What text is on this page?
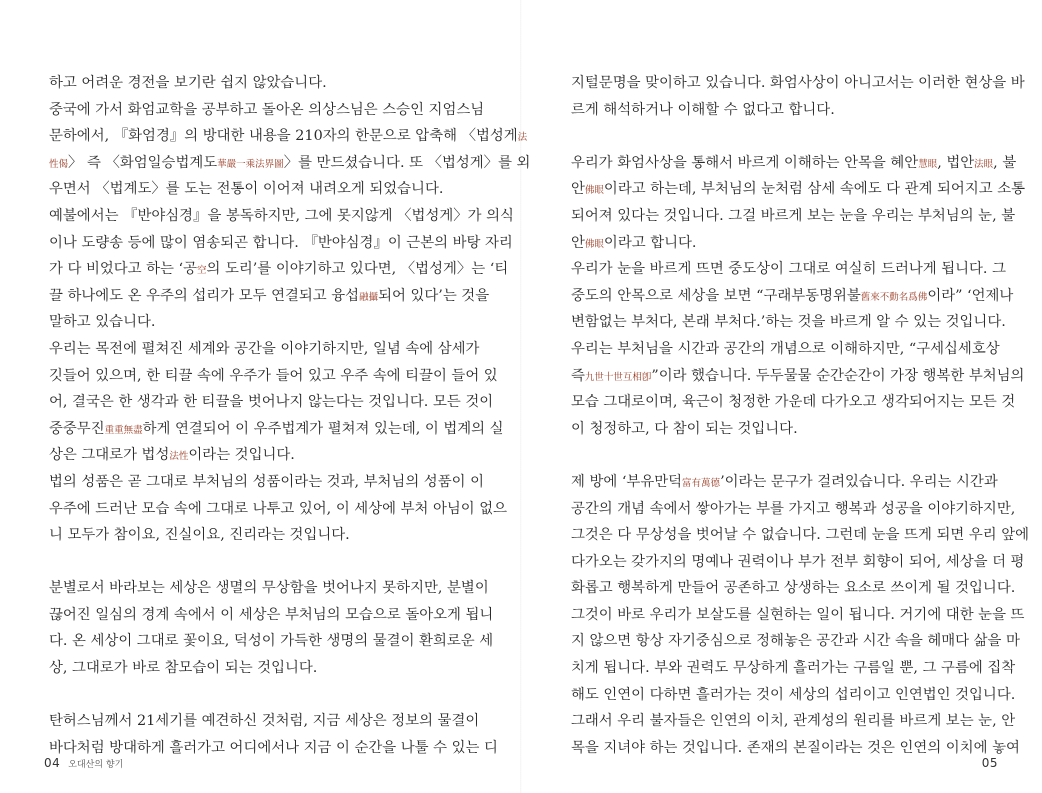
하고 어려운 경전을 보기란 쉽지 않았습니다.
중국에 가서 화엄교학을 공부하고 돌아온 의상스님은 스승인 지엄스님
문하에서, 『화엄경』의 방대한 내용을 210자의 한문으로 압축해 〈법성게法
性偈〉 즉 〈화엄일승법계도華嚴一乘法界圖〉를 만드셨습니다. 또 〈법성게〉를 외
우면서 〈법계도〉를 도는 전통이 이어져 내려오게 되었습니다.
예불에서는 『반야심경』을 봉독하지만, 그에 못지않게 〈법성게〉가 의식
이나 도량송 등에 많이 염송되곤 합니다. 『반야심경』이 근본의 바탕 자리
가 다 비었다고 하는 ‘공空의 도리’를 이야기하고 있다면, 〈법성게〉는 ‘티
끌 하나에도 온 우주의 섭리가 모두 연결되고 융섭融攝되어 있다’는 것을
말하고 있습니다.
우리는 목전에 펼쳐진 세계와 공간을 이야기하지만, 일념 속에 삼세가
깃들어 있으며, 한 티끌 속에 우주가 들어 있고 우주 속에 티끌이 들어 있
어, 결국은 한 생각과 한 티끌을 벗어나지 않는다는 것입니다. 모든 것이
중중무진重重無盡하게 연결되어 이 우주법계가 펼쳐져 있는데, 이 법계의 실
상은 그대로가 법성法性이라는 것입니다.
법의 성품은 곧 그대로 부처님의 성품이라는 것과, 부처님의 성품이 이
우주에 드러난 모습 속에 그대로 나투고 있어, 이 세상에 부처 아님이 없으
니 모두가 참이요, 진실이요, 진리라는 것입니다.
분별로서 바라보는 세상은 생멸의 무상함을 벗어나지 못하지만, 분별이
끊어진 일심의 경계 속에서 이 세상은 부처님의 모습으로 돌아오게 됩니
다. 온 세상이 그대로 꽃이요, 덕성이 가득한 생명의 물결이 환희로운 세
상, 그대로가 바로 참모습이 되는 것입니다.
탄허스님께서 21세기를 예견하신 것처럼, 지금 세상은 정보의 물결이
바다처럼 방대하게 흘러가고 어디에서나 지금 이 순간을 나툴 수 있는 디
04 오대산의 향기
지털문명을 맞이하고 있습니다. 화엄사상이 아니고서는 이러한 현상을 바
르게 해석하거나 이해할 수 없다고 합니다.
우리가 화엄사상을 통해서 바르게 이해하는 안목을 혜안慧眼, 법안法眼, 불
안佛眼이라고 하는데, 부처님의 눈처럼 삼세 속에도 다 관계 되어지고 소통
되어져 있다는 것입니다. 그걸 바르게 보는 눈을 우리는 부처님의 눈, 불
안佛眼이라고 합니다.
우리가 눈을 바르게 뜨면 중도상이 그대로 여실히 드러나게 됩니다. 그
중도의 안목으로 세상을 보면 “구래부동명위불舊來不動名爲佛이라” ‘언제나
변함없는 부처다, 본래 부처다.’하는 것을 바르게 알 수 있는 것입니다.
우리는 부처님을 시간과 공간의 개념으로 이해하지만, “구세십세호상
즉九世十世互相卽”이라 했습니다. 두두물물 순간순간이 가장 행복한 부처님의
모습 그대로이며, 육근이 청정한 가운데 다가오고 생각되어지는 모든 것
이 청정하고, 다 참이 되는 것입니다.
제 방에 ‘부유만덕富有萬德’이라는 문구가 걸려있습니다. 우리는 시간과
공간의 개념 속에서 쌓아가는 부를 가지고 행복과 성공을 이야기하지만,
그것은 다 무상성을 벗어날 수 없습니다. 그런데 눈을 뜨게 되면 우리 앞에
다가오는 갖가지의 명예나 권력이나 부가 전부 회향이 되어, 세상을 더 평
화롭고 행복하게 만들어 공존하고 상생하는 요소로 쓰이게 될 것입니다.
그것이 바로 우리가 보살도를 실현하는 일이 됩니다. 거기에 대한 눈을 뜨
지 않으면 항상 자기중심으로 정해놓은 공간과 시간 속을 헤매다 삶을 마
치게 됩니다. 부와 권력도 무상하게 흘러가는 구름일 뿐, 그 구름에 집착
해도 인연이 다하면 흘러가는 것이 세상의 섭리이고 인연법인 것입니다.
그래서 우리 불자들은 인연의 이치, 관계성의 원리를 바르게 보는 눈, 안
목을 지녀야 하는 것입니다. 존재의 본질이라는 것은 인연의 이치에 놓여
05
